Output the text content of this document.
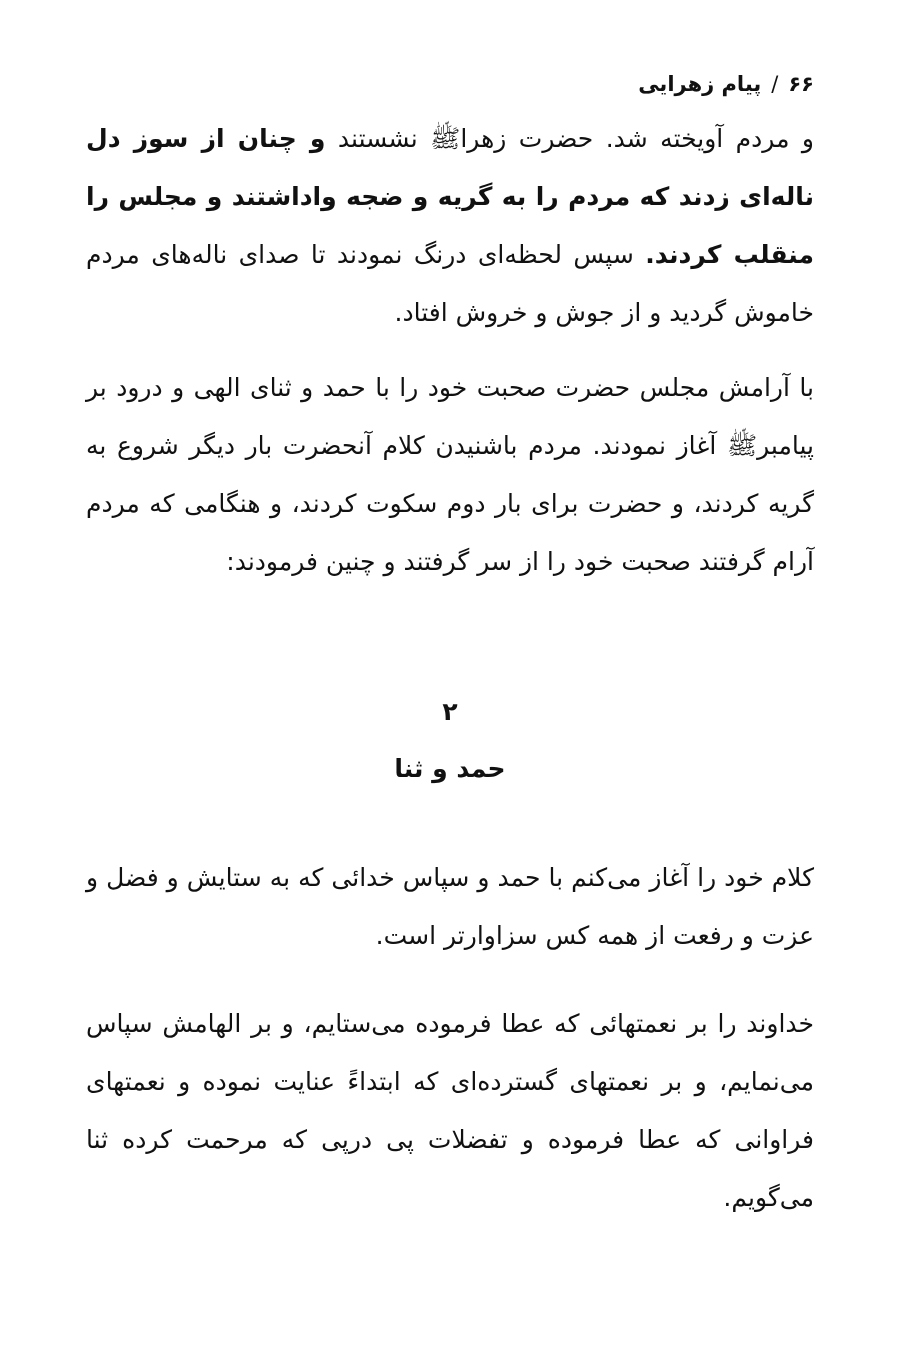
۶۶/پیام زهرایی

و مردم آویخته شد. حضرت زهراﷺ نشستند و چنان از سوز دل ناله‌ای زدند که مردم را به گریه و ضجه واداشتند و مجلس را منقلب کردند. سپس لحظه‌ای درنگ نمودند تا صدای ناله‌های مردم خاموش گردید و از جوش و خروش افتاد.

با آرامش مجلس حضرت صحبت خود را با حمد و ثنای الهی و درود بر پیامبرﷺ آغاز نمودند. مردم باشنیدن کلام آنحضرت بار دیگر شروع به گریه کردند، و حضرت برای بار دوم سکوت کردند، و هنگامی که مردم آرام گرفتند صحبت خود را از سر گرفتند و چنین فرمودند:

۲
حمد و ثنا

کلام خود را آغاز می‌کنم با حمد و سپاس خدائی که به ستایش و فضل و عزت و رفعت از همه کس سزاوارتر است.

خداوند را بر نعمتهائی که عطا فرموده می‌ستایم، و بر الهامش سپاس می‌نمایم، و بر نعمتهای گسترده‌ای که ابتداءً عنایت نموده و نعمتهای فراوانی که عطا فرموده و تفضلات پی درپی که مرحمت کرده ثنا می‌گویم.
